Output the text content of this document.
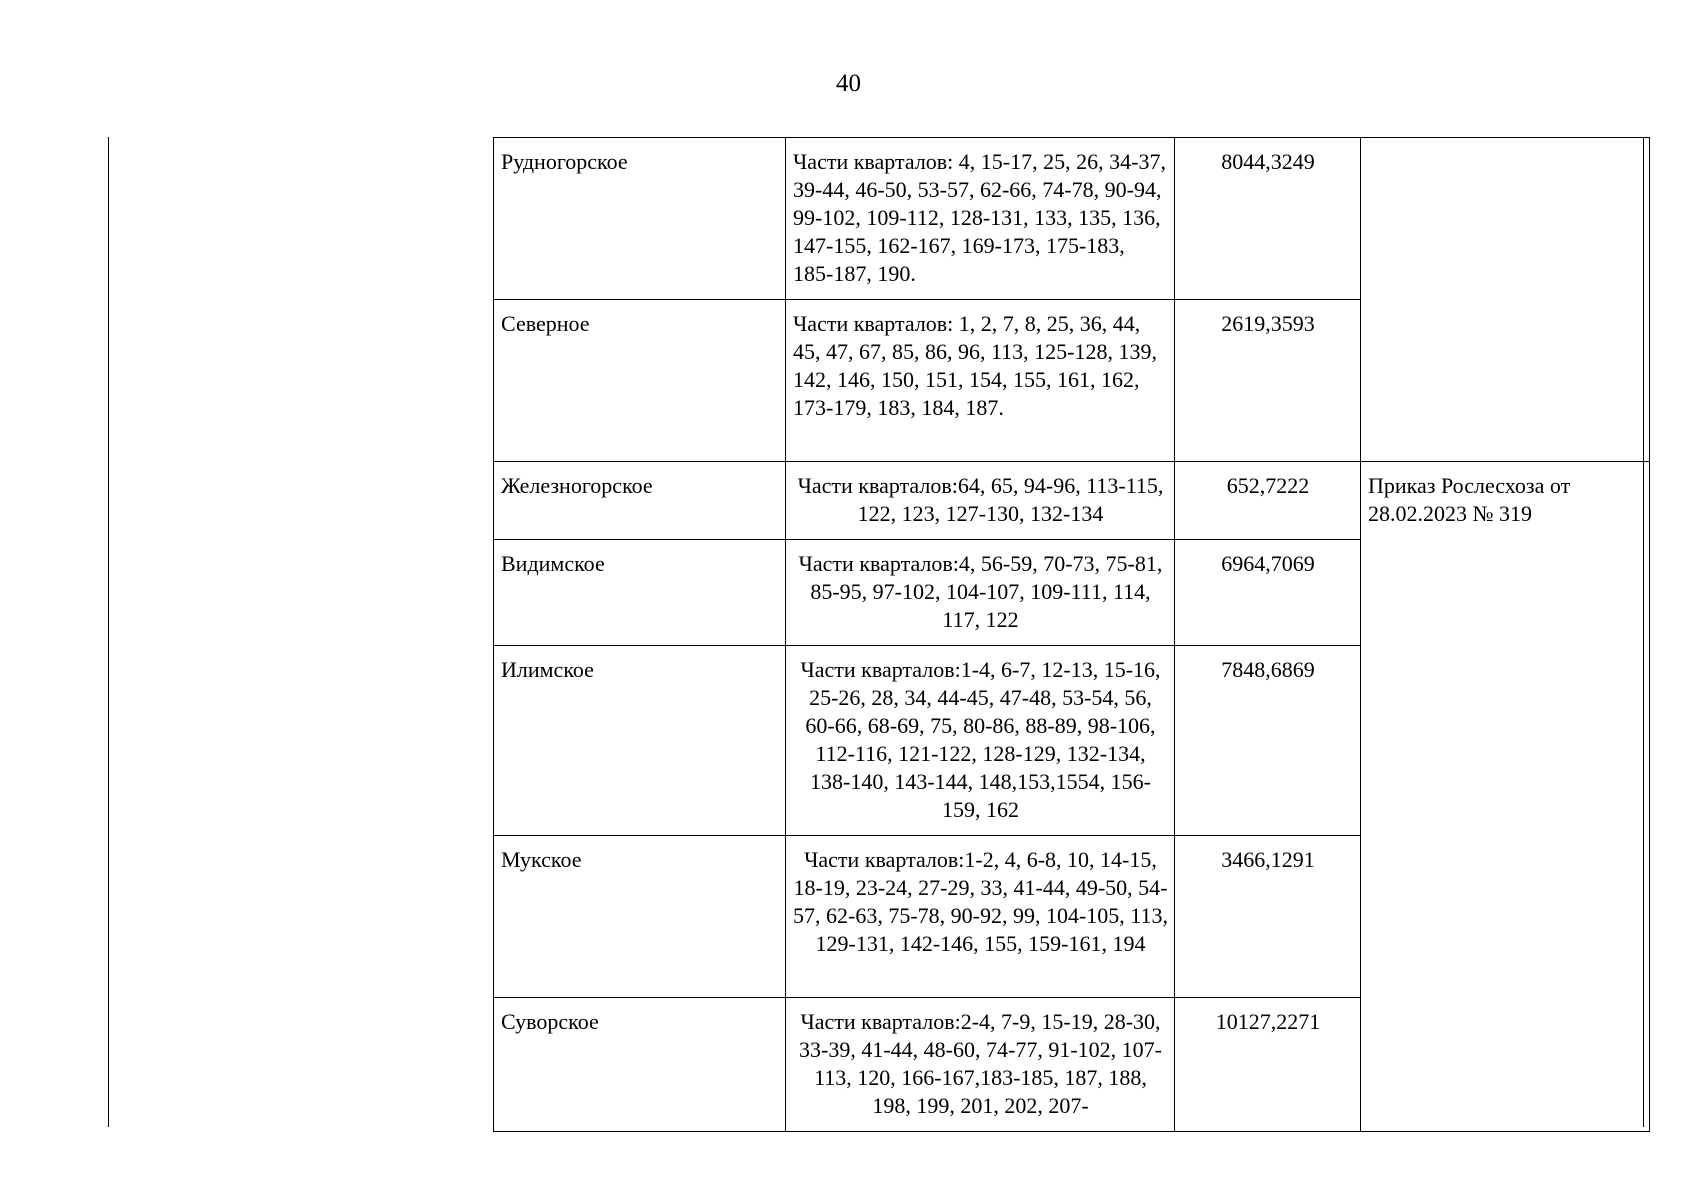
40
Рудногорское	Части кварталов: 4, 15-17, 25, 26, 34-37, 39-44, 46-50, 53-57, 62-66, 74-78, 90-94, 99-102, 109-112, 128-131, 133, 135, 136, 147-155, 162-167, 169-173, 175-183, 185-187, 190.	8044,3249	
Северное	Части кварталов: 1, 2, 7, 8, 25, 36, 44, 45, 47, 67, 85, 86, 96, 113, 125-128, 139, 142, 146, 150, 151, 154, 155, 161, 162, 173-179, 183, 184, 187.	2619,3593	
Железногорское	Части кварталов:64, 65, 94-96, 113-115, 122, 123, 127-130, 132-134	652,7222	Приказ Рослесхоза от 28.02.2023 № 319
Видимское	Части кварталов:4, 56-59, 70-73, 75-81, 85-95, 97-102, 104-107, 109-111, 114, 117, 122	6964,7069	
Илимское	Части кварталов:1-4, 6-7, 12-13, 15-16, 25-26, 28, 34, 44-45, 47-48, 53-54, 56, 60-66, 68-69, 75, 80-86, 88-89, 98-106, 112-116, 121-122, 128-129, 132-134, 138-140, 143-144, 148,153,1554, 156- 159, 162	7848,6869	
Мукское	Части кварталов:1-2, 4, 6-8, 10, 14-15, 18-19, 23-24, 27-29, 33, 41-44, 49-50, 54-57, 62-63, 75-78, 90-92, 99, 104-105, 113, 129-131, 142-146, 155, 159-161, 194	3466,1291	
Суворское	Части кварталов:2-4, 7-9, 15-19, 28-30, 33-39, 41-44, 48-60, 74-77, 91-102, 107-113, 120, 166-167,183-185, 187, 188, 198, 199, 201, 202, 207-	10127,2271	
